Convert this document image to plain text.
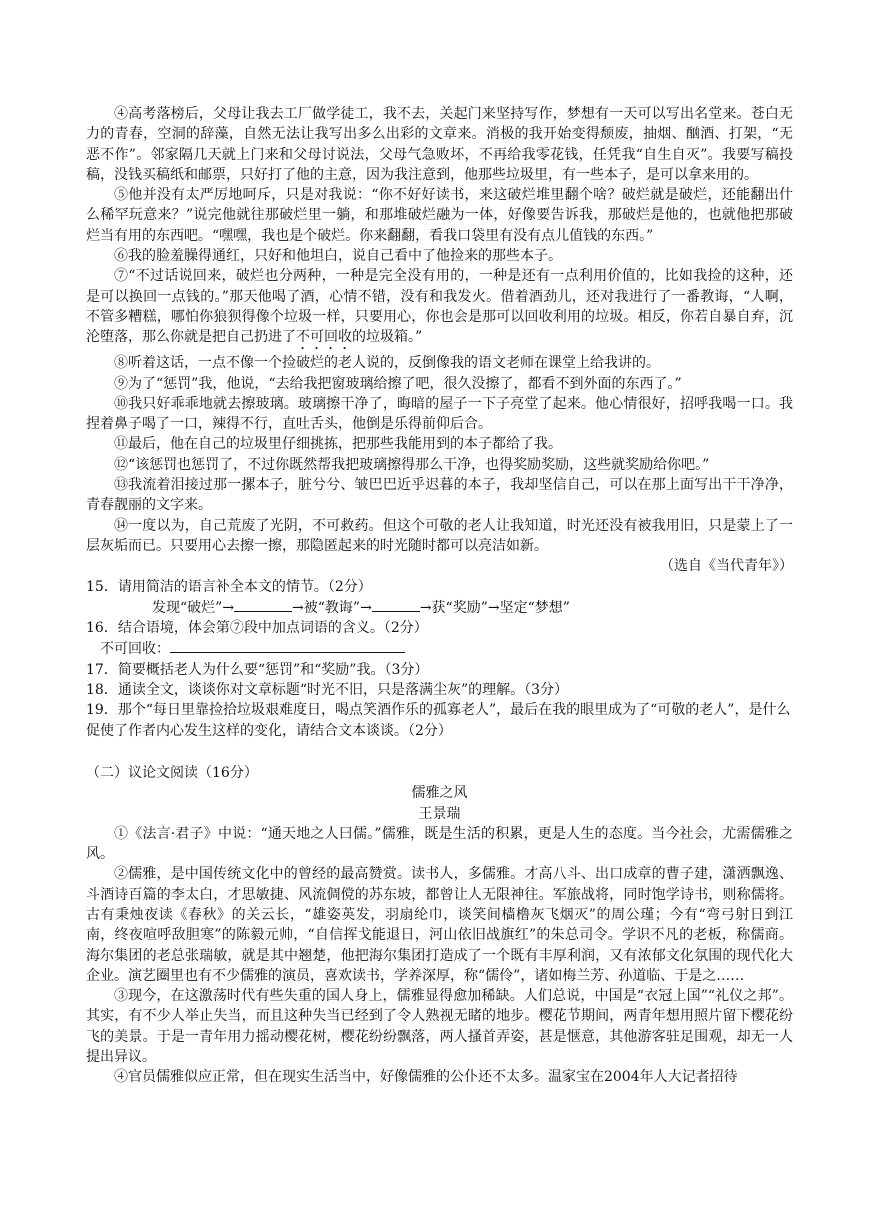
④高考落榜后，父母让我去工厂做学徒工，我不去，关起门来坚持写作，梦想有一天可以写出名堂来。苍白无力的青春，空洞的辞藻，自然无法让我写出多么出彩的文章来。消极的我开始变得颓废，抽烟、酗酒、打架，“无恶不作”。邻家隔几天就上门来和父母讨说法，父母气急败坏，不再给我零花钱，任凭我“自生自灭”。我要写稿投稿，没钱买稿纸和邮票，只好打了他的主意，因为我注意到，他那些垃圾里，有一些本子，是可以拿来用的。

⑤他并没有太严厉地呵斥，只是对我说：“你不好好读书，来这破烂堆里翻个啥？破烂就是破烂，还能翻出什么稀罕玩意来？”说完他就往那破烂里一躺，和那堆破烂融为一体，好像要告诉我，那破烂是他的，也就他把那破烂当有用的东西吧。“嘿嘿，我也是个破烂。你来翻翻，看我口袋里有没有点儿值钱的东西。”

⑥我的脸羞臊得通红，只好和他坦白，说自己看中了他捡来的那些本子。

⑦“不过话说回来，破烂也分两种，一种是完全没有用的，一种是还有一点利用价值的，比如我捡的这种，还是可以换回一点钱的。”那天他喝了酒，心情不错，没有和我发火。借着酒劲儿，还对我进行了一番教诲，“人啊，不管多糟糕，哪怕你狼狈得像个垃圾一样，只要用心，你也会是那可以回收利用的垃圾。相反，你若自暴自弃，沉沦堕落，那么你就是把自己扔进了不可回收的垃圾箱。”

⑧听着这话，一点不像一个捡破烂的老人说的，反倒像我的语文老师在课堂上给我讲的。

⑨为了“惩罚”我，他说，“去给我把窗玻璃给擦了吧，很久没擦了，都看不到外面的东西了。”

⑩我只好乖乖地就去擦玻璃。玻璃擦干净了，晦暗的屋子一下子亮堂了起来。他心情很好，招呼我喝一口。我捏着鼻子喝了一口，辣得不行，直吐舌头，他倒是乐得前仰后合。

⑪最后，他在自己的垃圾里仔细挑拣，把那些我能用到的本子都给了我。

⑫“该惩罚也惩罚了，不过你既然帮我把玻璃擦得那么干净，也得奖励奖励，这些就奖励给你吧。”

⑬我流着泪接过那一摞本子，脏兮兮、皱巴巴近乎迟暮的本子，我却坚信自己，可以在那上面写出干干净净，青春靓丽的文字来。

⑭一度以为，自己荒废了光阴，不可救药。但这个可敬的老人让我知道，时光还没有被我用旧，只是蒙上了一层灰垢而已。只要用心去擦一擦，那隐匿起来的时光随时都可以亮洁如新。

（选自《当代青年》）

15．请用简洁的语言补全本文的情节。（2分）

发现“破烂”→	→被“教诲”→	→获“奖励”→坚定“梦想”

16．结合语境，体会第⑦段中加点词语的含义。（2分）

不可回收：

17．简要概括老人为什么要“惩罚”和“奖励”我。（3分）

18．通读全文，谈谈你对文章标题“时光不旧，只是落满尘灰”的理解。（3分）

19．那个“每日里靠捡拾垃圾艰难度日，喝点笑酒作乐的孤寡老人”，最后在我的眼里成为了“可敬的老人”，是什么促使了作者内心发生这样的变化，请结合文本谈谈。（2分）

（二）议论文阅读（16分）

儒雅之风

王景瑞

①《法言·君子》中说：“通天地之人曰儒。”儒雅，既是生活的积累，更是人生的态度。当今社会，尤需儒雅之风。

②儒雅，是中国传统文化中的曾经的最高赞赏。读书人，多儒雅。才高八斗、出口成章的曹子建，潇洒飘逸、斗酒诗百篇的李太白，才思敏捷、风流倜傥的苏东坡，都曾让人无限神往。军旅战将，同时饱学诗书，则称儒将。古有秉烛夜读《春秋》的关云长，“雄姿英发，羽扇纶巾，谈笑间樯橹灰飞烟灭”的周公瑾；今有“弯弓射日到江南，终夜喧呼敌胆寒”的陈毅元帅，“自信挥戈能退日，河山依旧战旗红”的朱总司令。学识不凡的老板，称儒商。海尔集团的老总张瑞敏，就是其中翘楚，他把海尔集团打造成了一个既有丰厚利润，又有浓郁文化氛围的现代化大企业。演艺圈里也有不少儒雅的演员，喜欢读书，学养深厚，称“儒伶”，诸如梅兰芳、孙道临、于是之……

③现今，在这激荡时代有些失重的国人身上，儒雅显得愈加稀缺。人们总说，中国是“衣冠上国”“礼仪之邦”。其实，有不少人举止失当，而且这种失当已经到了令人熟视无睹的地步。樱花节期间，两青年想用照片留下樱花纷飞的美景。于是一青年用力摇动樱花树，樱花纷纷飘落，两人搔首弄姿，甚是惬意，其他游客驻足围观，却无一人提出异议。

④官员儒雅似应正常，但在现实生活当中，好像儒雅的公仆还不太多。温家宝在2004年人大记者招待
